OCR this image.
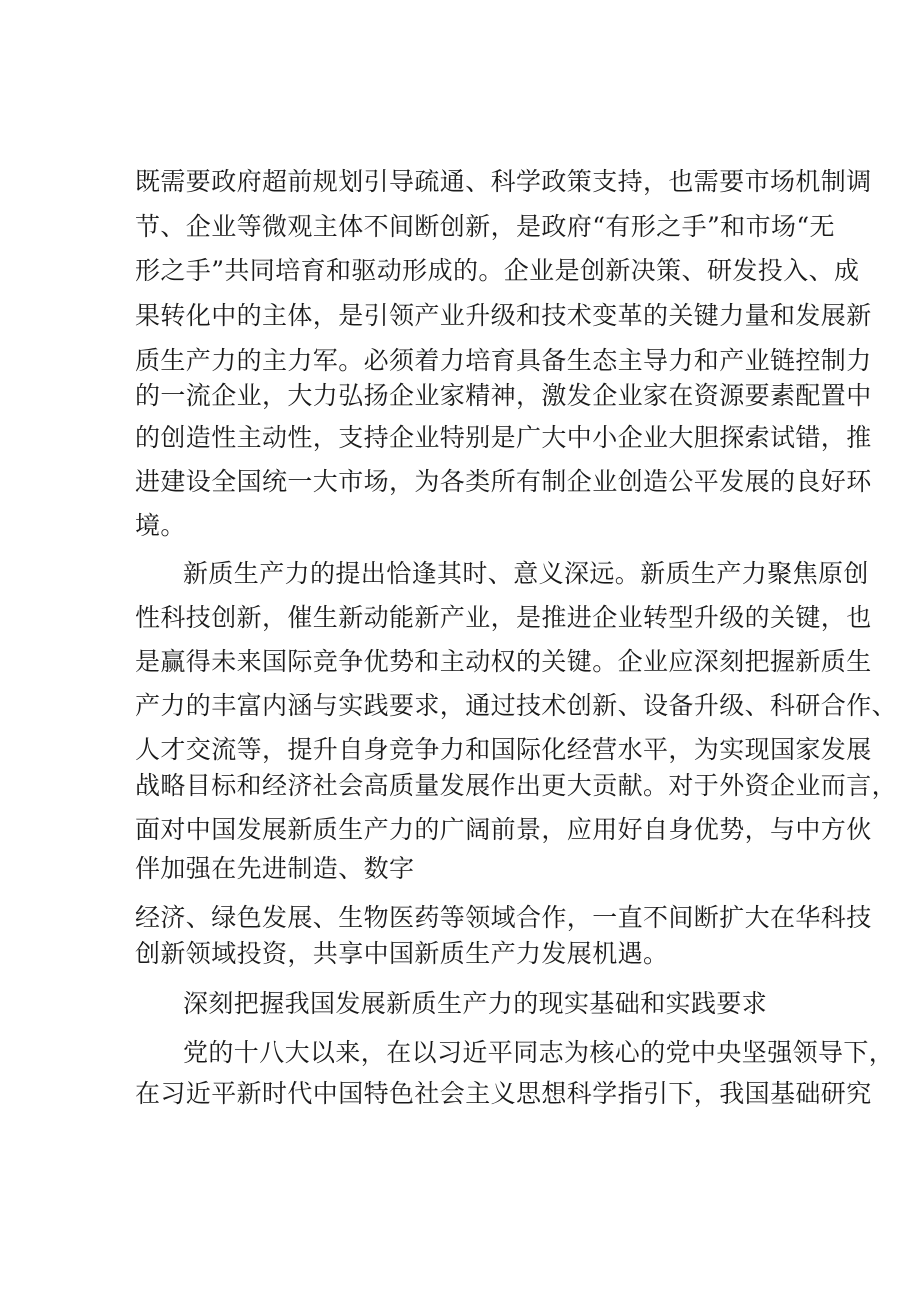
既需要政府超前规划引导疏通、科学政策支持，也需要市场机制调

节、企业等微观主体不间断创新，是政府“有形之手”和市场“无

形之手”共同培育和驱动形成的。企业是创新决策、研发投入、成

果转化中的主体，是引领产业升级和技术变革的关键力量和发展新

质生产力的主力军。必须着力培育具备生态主导力和产业链控制力

的一流企业，大力弘扬企业家精神，激发企业家在资源要素配置中

的创造性主动性，支持企业特别是广大中小企业大胆探索试错，推

进建设全国统一大市场，为各类所有制企业创造公平发展的良好环

境。

新质生产力的提出恰逢其时、意义深远。新质生产力聚焦原创

性科技创新，催生新动能新产业，是推进企业转型升级的关键，也

是赢得未来国际竞争优势和主动权的关键。企业应深刻把握新质生

产力的丰富内涵与实践要求，通过技术创新、设备升级、科研合作、

人才交流等，提升自身竞争力和国际化经营水平，为实现国家发展

战略目标和经济社会高质量发展作出更大贡献。对于外资企业而言，

面对中国发展新质生产力的广阔前景，应用好自身优势，与中方伙

伴加强在先进制造、数字

经济、绿色发展、生物医药等领域合作，一直不间断扩大在华科技

创新领域投资，共享中国新质生产力发展机遇。

深刻把握我国发展新质生产力的现实基础和实践要求

党的十八大以来，在以习近平同志为核心的党中央坚强领导下，

在习近平新时代中国特色社会主义思想科学指引下，我国基础研究
